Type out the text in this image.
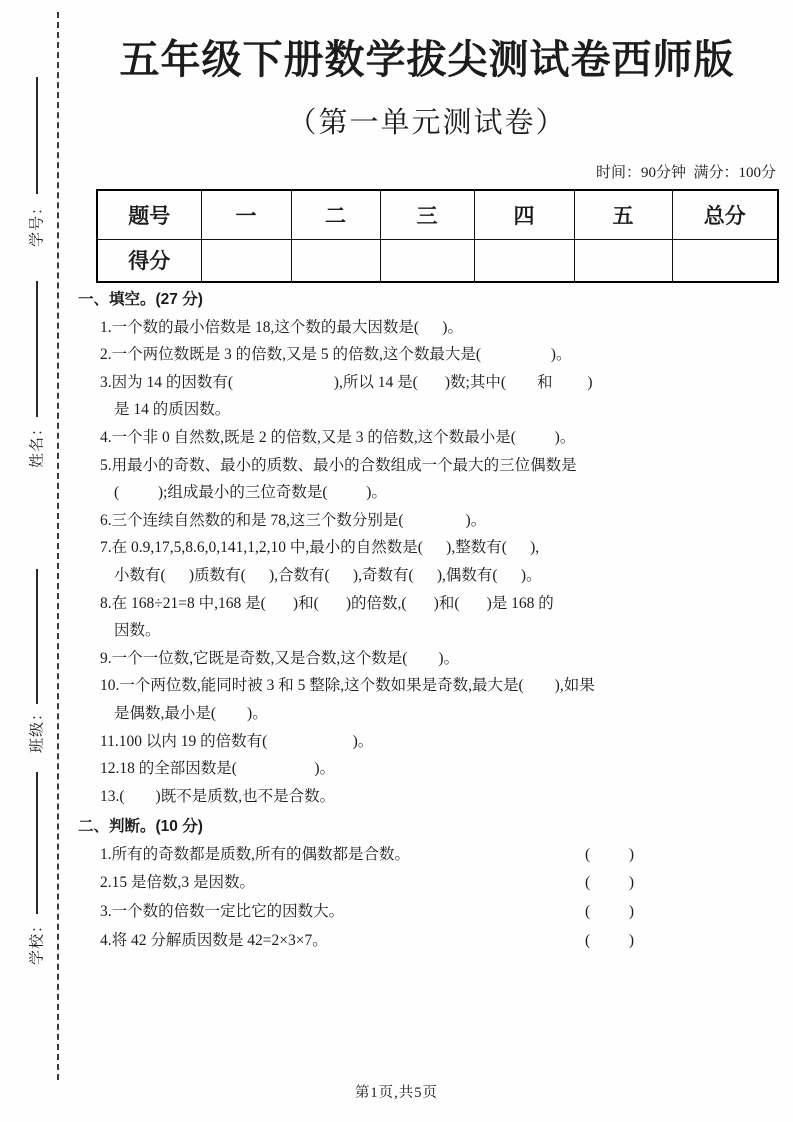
学号：
姓名：
班级：
学校：
五年级下册数学拔尖测试卷西师版
（第一单元测试卷）
时间：90分钟  满分：100分
题号	一	二	三	四	五	总分
得分						
一、填空。(27 分)
1.一个数的最小倍数是 18,这个数的最大因数是(      )。
2.一个两位数既是 3 的倍数,又是 5 的倍数,这个数最大是(                  )。
3.因为 14 的因数有(                          ),所以 14 是(       )数;其中(        和         )
是 14 的质因数。
4.一个非 0 自然数,既是 2 的倍数,又是 3 的倍数,这个数最小是(          )。
5.用最小的奇数、最小的质数、最小的合数组成一个最大的三位偶数是
(          );组成最小的三位奇数是(          )。
6.三个连续自然数的和是 78,这三个数分别是(                )。
7.在 0.9,17,5,8.6,0,141,1,2,10 中,最小的自然数是(      ),整数有(      ),
小数有(      )质数有(      ),合数有(      ),奇数有(      ),偶数有(      )。
8.在 168÷21=8 中,168 是(       )和(       )的倍数,(       )和(       )是 168 的
因数。
9.一个一位数,它既是奇数,又是合数,这个数是(        )。
10.一个两位数,能同时被 3 和 5 整除,这个数如果是奇数,最大是(        ),如果
是偶数,最小是(        )。
11.100 以内 19 的倍数有(                      )。
12.18 的全部因数是(                    )。
13.(        )既不是质数,也不是合数。
二、判断。(10 分)
1.所有的奇数都是质数,所有的偶数都是合数。	(          )
2.15 是倍数,3 是因数。	(          )
3.一个数的倍数一定比它的因数大。	(          )
4.将 42 分解质因数是 42=2×3×7。	(          )
第1页,共5页
